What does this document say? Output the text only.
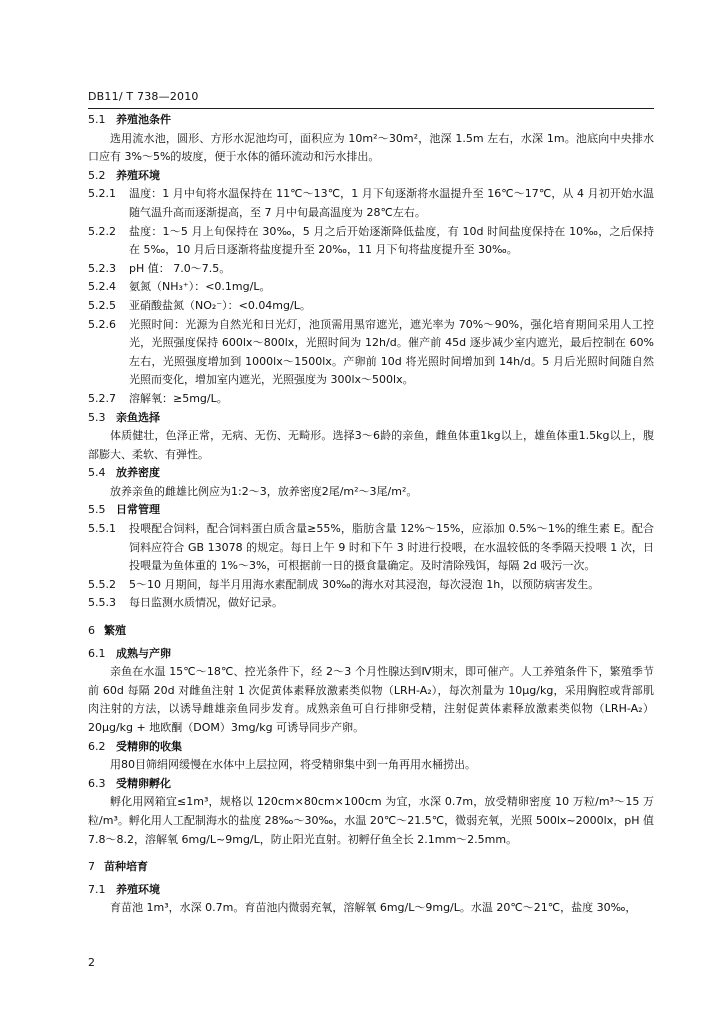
DB11/ T 738—2010
5.1 养殖池条件
选用流水池，圆形、方形水泥池均可，面积应为 10m²～30m²，池深 1.5m 左右，水深 1m。池底向中央排水口应有 3%～5%的坡度，便于水体的循环流动和污水排出。
5.2 养殖环境
5.2.1	温度：1 月中旬将水温保持在 11℃～13℃，1 月下旬逐渐将水温提升至 16℃～17℃，从 4 月初开始水温随气温升高而逐渐提高，至 7 月中旬最高温度为 28℃左右。
5.2.2	盐度：1～5 月上旬保持在 30‰，5 月之后开始逐渐降低盐度，有 10d 时间盐度保持在 10‰，之后保持在 5‰，10 月后日逐渐将盐度提升至 20‰，11 月下旬将盐度提升至 30‰。
5.2.3	pH 值： 7.0～7.5。
5.2.4	氨氮（NH₃⁺）：<0.1mg/L。
5.2.5	亚硝酸盐氮（NO₂⁻）：<0.04mg/L。
5.2.6	光照时间：光源为自然光和日光灯，池顶需用黑帘遮光，遮光率为 70%～90%，强化培育期间采用人工控光，光照强度保持 600lx～800lx，光照时间为 12h/d。催产前 45d 逐步减少室内遮光，最后控制在 60%左右，光照强度增加到 1000lx～1500lx。产卵前 10d 将光照时间增加到 14h/d。5 月后光照时间随自然光照而变化，增加室内遮光，光照强度为 300lx～500lx。
5.2.7	溶解氧：≥5mg/L。
5.3 亲鱼选择
体质健壮，色泽正常，无病、无伤、无畸形。选择3～6龄的亲鱼，雌鱼体重1kg以上，雄鱼体重1.5kg以上，腹部膨大、柔软、有弹性。
5.4 放养密度
放养亲鱼的雌雄比例应为1:2～3，放养密度2尾/m²～3尾/m²。
5.5 日常管理
5.5.1	投喂配合饲料，配合饲料蛋白质含量≥55%，脂肪含量 12%～15%，应添加 0.5%～1%的维生素 E。配合饲料应符合 GB 13078 的规定。每日上午 9 时和下午 3 时进行投喂，在水温较低的冬季隔天投喂 1 次，日投喂量为鱼体重的 1%～3%，可根据前一日的摄食量确定。及时清除残饵，每隔 2d 吸污一次。
5.5.2	5～10 月期间，每半月用海水素配制成 30‰的海水对其浸泡，每次浸泡 1h，以预防病害发生。
5.5.3	每日监测水质情况，做好记录。
6 繁殖
6.1 成熟与产卵
亲鱼在水温 15℃～18℃、控光条件下，经 2～3 个月性腺达到Ⅳ期末，即可催产。人工养殖条件下，繁殖季节前 60d 每隔 20d 对雌鱼注射 1 次促黄体素释放激素类似物（LRH-A₂），每次剂量为 10μg/kg，采用胸腔或背部肌肉注射的方法，以诱导雌雄亲鱼同步发育。成熟亲鱼可自行排卵受精，注射促黄体素释放激素类似物（LRH-A₂）20μg/kg + 地欧酮（DOM）3mg/kg 可诱导同步产卵。
6.2 受精卵的收集
用80目筛绢网缓慢在水体中上层拉网，将受精卵集中到一角再用水桶捞出。
6.3 受精卵孵化
孵化用网箱宜≤1m³，规格以 120cm×80cm×100cm 为宜，水深 0.7m，放受精卵密度 10 万粒/m³～15 万粒/m³。孵化用人工配制海水的盐度 28‰～30‰，水温 20℃～21.5℃，微弱充氧，光照 500lx~2000lx，pH 值 7.8～8.2，溶解氧 6mg/L~9mg/L，防止阳光直射。初孵仔鱼全长 2.1mm～2.5mm。
7 苗种培育
7.1 养殖环境
育苗池 1m³，水深 0.7m。育苗池内微弱充氧，溶解氧 6mg/L～9mg/L。水温 20℃～21℃，盐度 30‰，
2
